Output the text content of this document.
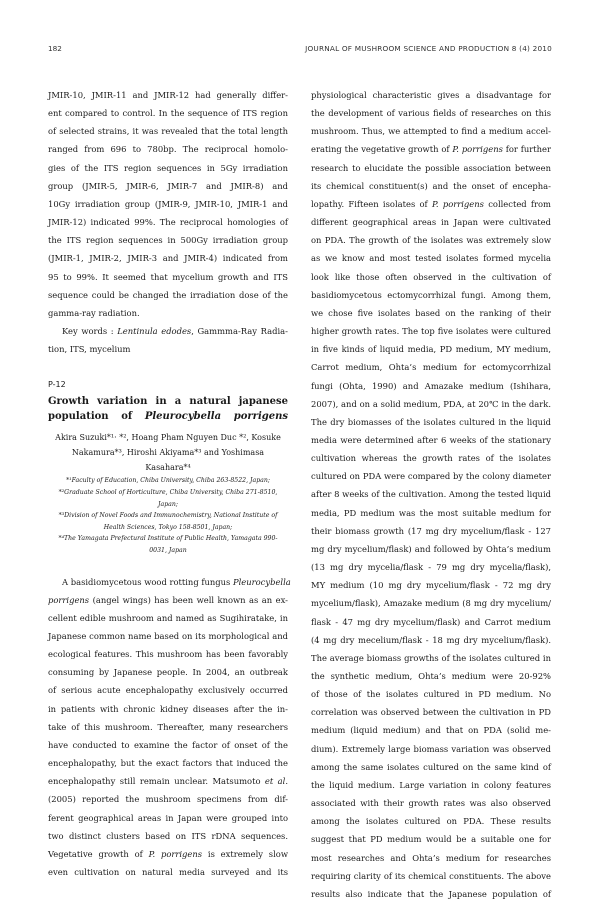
182	JOURNAL OF MUSHROOM SCIENCE AND PRODUCTION 8 (4) 2010

JMIR-10, JMIR-11 and JMIR-12 had generally differ-

ent compared to control. In the sequence of ITS region

of selected strains, it was revealed that the total length

ranged from 696 to 780bp. The reciprocal homolo-

gies of the ITS region sequences in 5Gy irradiation

group (JMIR-5, JMIR-6, JMIR-7 and JMIR-8) and

10Gy irradiation group (JMIR-9, JMIR-10, JMIR-1 and

JMIR-12) indicated 99%. The reciprocal homologies of

the ITS region sequences in 500Gy irradiation group

(JMIR-1, JMIR-2, JMIR-3 and JMIR-4) indicated from

95 to 99%. It seemed that mycelium growth and ITS

sequence could be changed the irradiation dose of the

gamma-ray radiation.

Key words : Lentinula edodes, Gammma-Ray Radia-

tion, ITS, mycelium

P-12

Growth variation in a natural japanese

population of Pleurocybella porrigens

Akira Suzuki*¹· *², Hoang Pham Nguyen Duc *², Kosuke
Nakamura*³, Hiroshi Akiyama*³ and Yoshimasa Kasahara*⁴
*¹Faculty of Education, Chiba University, Chiba 263-8522, Japan;
*²Graduate School of Horticulture, Chiba University, Chiba 271-8510,
Japan;
*³Division of Novel Foods and Immunochemistry, National Institute of
Health Sciences, Tokyo 158-8501, Japan;
*⁴The Yamagata Prefectural Institute of Public Health, Yamagata 990-
0031, Japan

A basidiomycetous wood rotting fungus Pleurocybella

porrigens (angel wings) has been well known as an ex-

cellent edible mushroom and named as Sugihiratake, in

Japanese common name based on its morphological and

ecological features. This mushroom has been favorably

consuming by Japanese people. In 2004, an outbreak

of serious acute encephalopathy exclusively occurred

in patients with chronic kidney diseases after the in-

take of this mushroom. Thereafter, many researchers

have conducted to examine the factor of onset of the

encephalopathy, but the exact factors that induced the

encephalopathy still remain unclear. Matsumoto et al.

(2005) reported the mushroom specimens from dif-

ferent geographical areas in Japan were grouped into

two distinct clusters based on ITS rDNA sequences.

Vegetative growth of P. porrigens is extremely slow

even cultivation on natural media surveyed and its

physiological characteristic gives a disadvantage for

the development of various fields of researches on this

mushroom. Thus, we attempted to find a medium accel-

erating the vegetative growth of P. porrigens for further

research to elucidate the possible association between

its chemical constituent(s) and the onset of encepha-

lopathy. Fifteen isolates of P. porrigens collected from

different geographical areas in Japan were cultivated

on PDA. The growth of the isolates was extremely slow

as we know and most tested isolates formed mycelia

look like those often observed in the cultivation of

basidiomycetous ectomycorrhizal fungi. Among them,

we chose five isolates based on the ranking of their

higher growth rates. The top five isolates were cultured

in five kinds of liquid media, PD medium, MY medium,

Carrot medium, Ohta’s medium for ectomycorrhizal

fungi (Ohta, 1990) and Amazake medium (Ishihara,

2007), and on a solid medium, PDA, at 20℃ in the dark.

The dry biomasses of the isolates cultured in the liquid

media were determined after 6 weeks of the stationary

cultivation whereas the growth rates of the isolates

cultured on PDA were compared by the colony diameter

after 8 weeks of the cultivation. Among the tested liquid

media, PD medium was the most suitable medium for

their biomass growth (17 mg dry mycelium/flask - 127

mg dry mycelium/flask) and followed by Ohta’s medium

(13 mg dry mycelia/flask - 79 mg dry mycelia/flask),

MY medium (10 mg dry mycelium/flask - 72 mg dry

mycelium/flask), Amazake medium (8 mg dry mycelium/

flask - 47 mg dry mycelium/flask) and Carrot medium

(4 mg dry mecelium/flask - 18 mg dry mycelium/flask).

The average biomass growths of the isolates cultured in

the synthetic medium, Ohta’s medium were 20-92%

of those of the isolates cultured in PD medium. No

correlation was observed between the cultivation in PD

medium (liquid medium) and that on PDA (solid me-

dium). Extremely large biomass variation was observed

among the same isolates cultured on the same kind of

the liquid medium. Large variation in colony features

associated with their growth rates was also observed

among the isolates cultured on PDA. These results

suggest that PD medium would be a suitable one for

most researches and Ohta’s medium for researches

requiring clarity of its chemical constituents. The above

results also indicate that the Japanese population of
